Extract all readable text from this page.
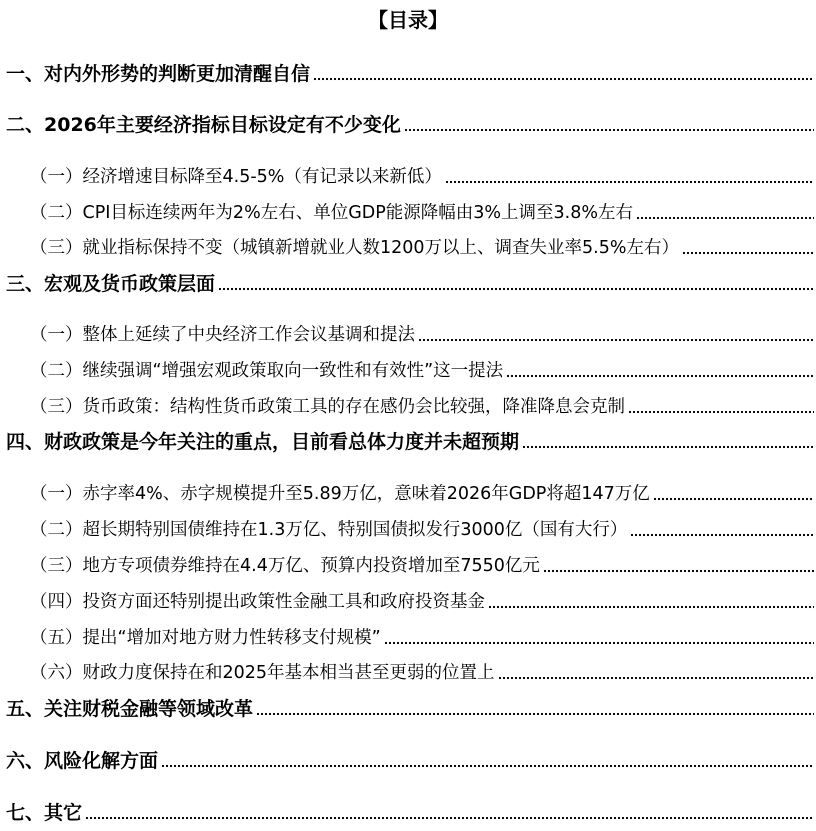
【目录】
一、对内外形势的判断更加清醒自信
二、2026年主要经济指标目标设定有不少变化
（一）经济增速目标降至4.5-5%（有记录以来新低）
（二）CPI目标连续两年为2%左右、单位GDP能源降幅由3%上调至3.8%左右
（三）就业指标保持不变（城镇新增就业人数1200万以上、调查失业率5.5%左右）
三、宏观及货币政策层面
（一）整体上延续了中央经济工作会议基调和提法
（二）继续强调“增强宏观政策取向一致性和有效性”这一提法
（三）货币政策：结构性货币政策工具的存在感仍会比较强，降准降息会克制
四、财政政策是今年关注的重点，目前看总体力度并未超预期
（一）赤字率4%、赤字规模提升至5.89万亿，意味着2026年GDP将超147万亿
（二）超长期特别国债维持在1.3万亿、特别国债拟发行3000亿（国有大行）
（三）地方专项债券维持在4.4万亿、预算内投资增加至7550亿元
（四）投资方面还特别提出政策性金融工具和政府投资基金
（五）提出“增加对地方财力性转移支付规模”
（六）财政力度保持在和2025年基本相当甚至更弱的位置上
五、关注财税金融等领域改革
六、风险化解方面
七、其它
